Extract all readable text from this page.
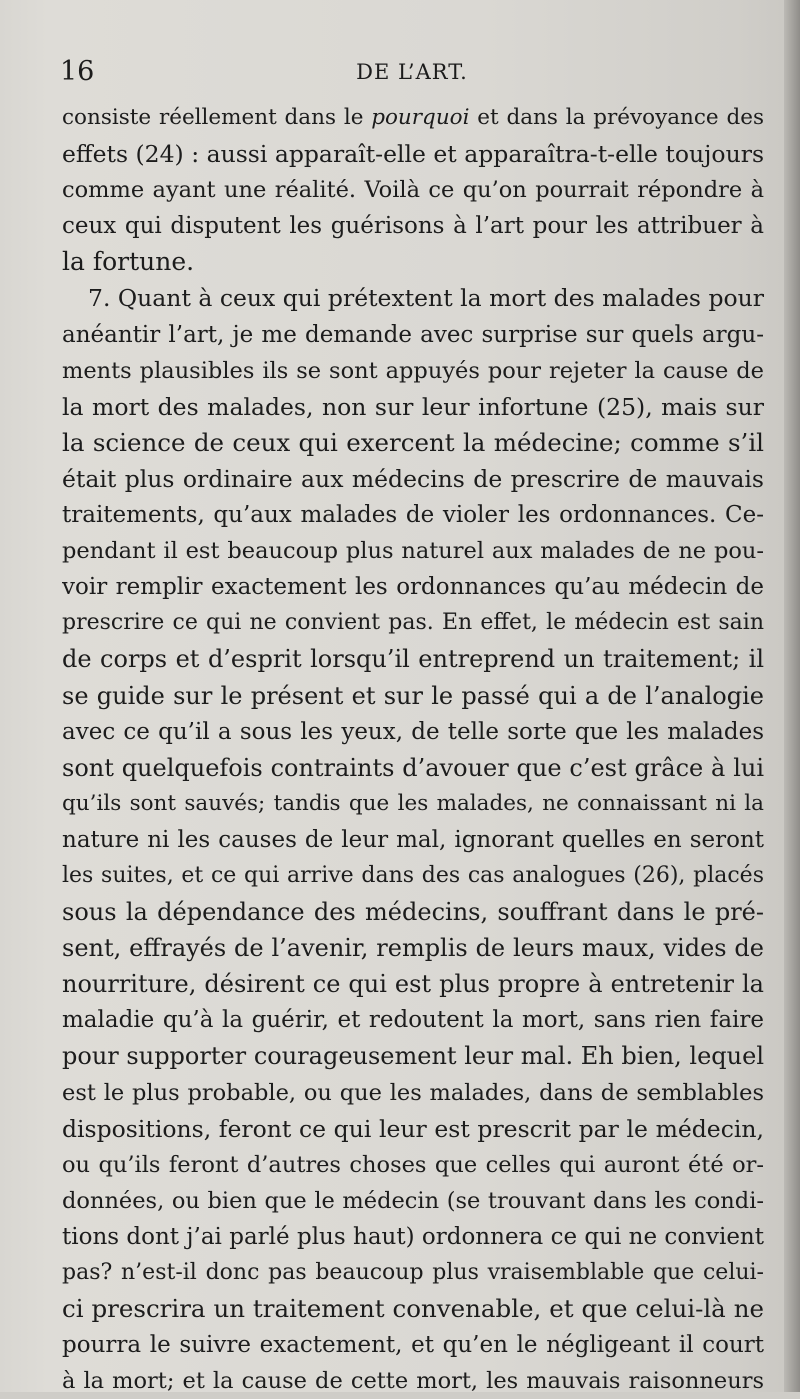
16	DE L’ART.
consiste réellement dans le pourquoi et dans la prévoyance des
effets (24) : aussi apparaît-elle et apparaîtra-t-elle toujours
comme ayant une réalité. Voilà ce qu’on pourrait répondre à
ceux qui disputent les guérisons à l’art pour les attribuer à
la fortune.
7. Quant à ceux qui prétextent la mort des malades pour
anéantir l’art, je me demande avec surprise sur quels argu-
ments plausibles ils se sont appuyés pour rejeter la cause de
la mort des malades, non sur leur infortune (25), mais sur
la science de ceux qui exercent la médecine; comme s’il
était plus ordinaire aux médecins de prescrire de mauvais
traitements, qu’aux malades de violer les ordonnances. Ce-
pendant il est beaucoup plus naturel aux malades de ne pou-
voir remplir exactement les ordonnances qu’au médecin de
prescrire ce qui ne convient pas. En effet, le médecin est sain
de corps et d’esprit lorsqu’il entreprend un traitement; il
se guide sur le présent et sur le passé qui a de l’analogie
avec ce qu’il a sous les yeux, de telle sorte que les malades
sont quelquefois contraints d’avouer que c’est grâce à lui
qu’ils sont sauvés; tandis que les malades, ne connaissant ni la
nature ni les causes de leur mal, ignorant quelles en seront
les suites, et ce qui arrive dans des cas analogues (26), placés
sous la dépendance des médecins, souffrant dans le pré-
sent, effrayés de l’avenir, remplis de leurs maux, vides de
nourriture, désirent ce qui est plus propre à entretenir la
maladie qu’à la guérir, et redoutent la mort, sans rien faire
pour supporter courageusement leur mal. Eh bien, lequel
est le plus probable, ou que les malades, dans de semblables
dispositions, feront ce qui leur est prescrit par le médecin,
ou qu’ils feront d’autres choses que celles qui auront été or-
données, ou bien que le médecin (se trouvant dans les condi-
tions dont j’ai parlé plus haut) ordonnera ce qui ne convient
pas? n’est-il donc pas beaucoup plus vraisemblable que celui-
ci prescrira un traitement convenable, et que celui-là ne
pourra le suivre exactement, et qu’en le négligeant il court
à la mort; et la cause de cette mort, les mauvais raisonneurs
